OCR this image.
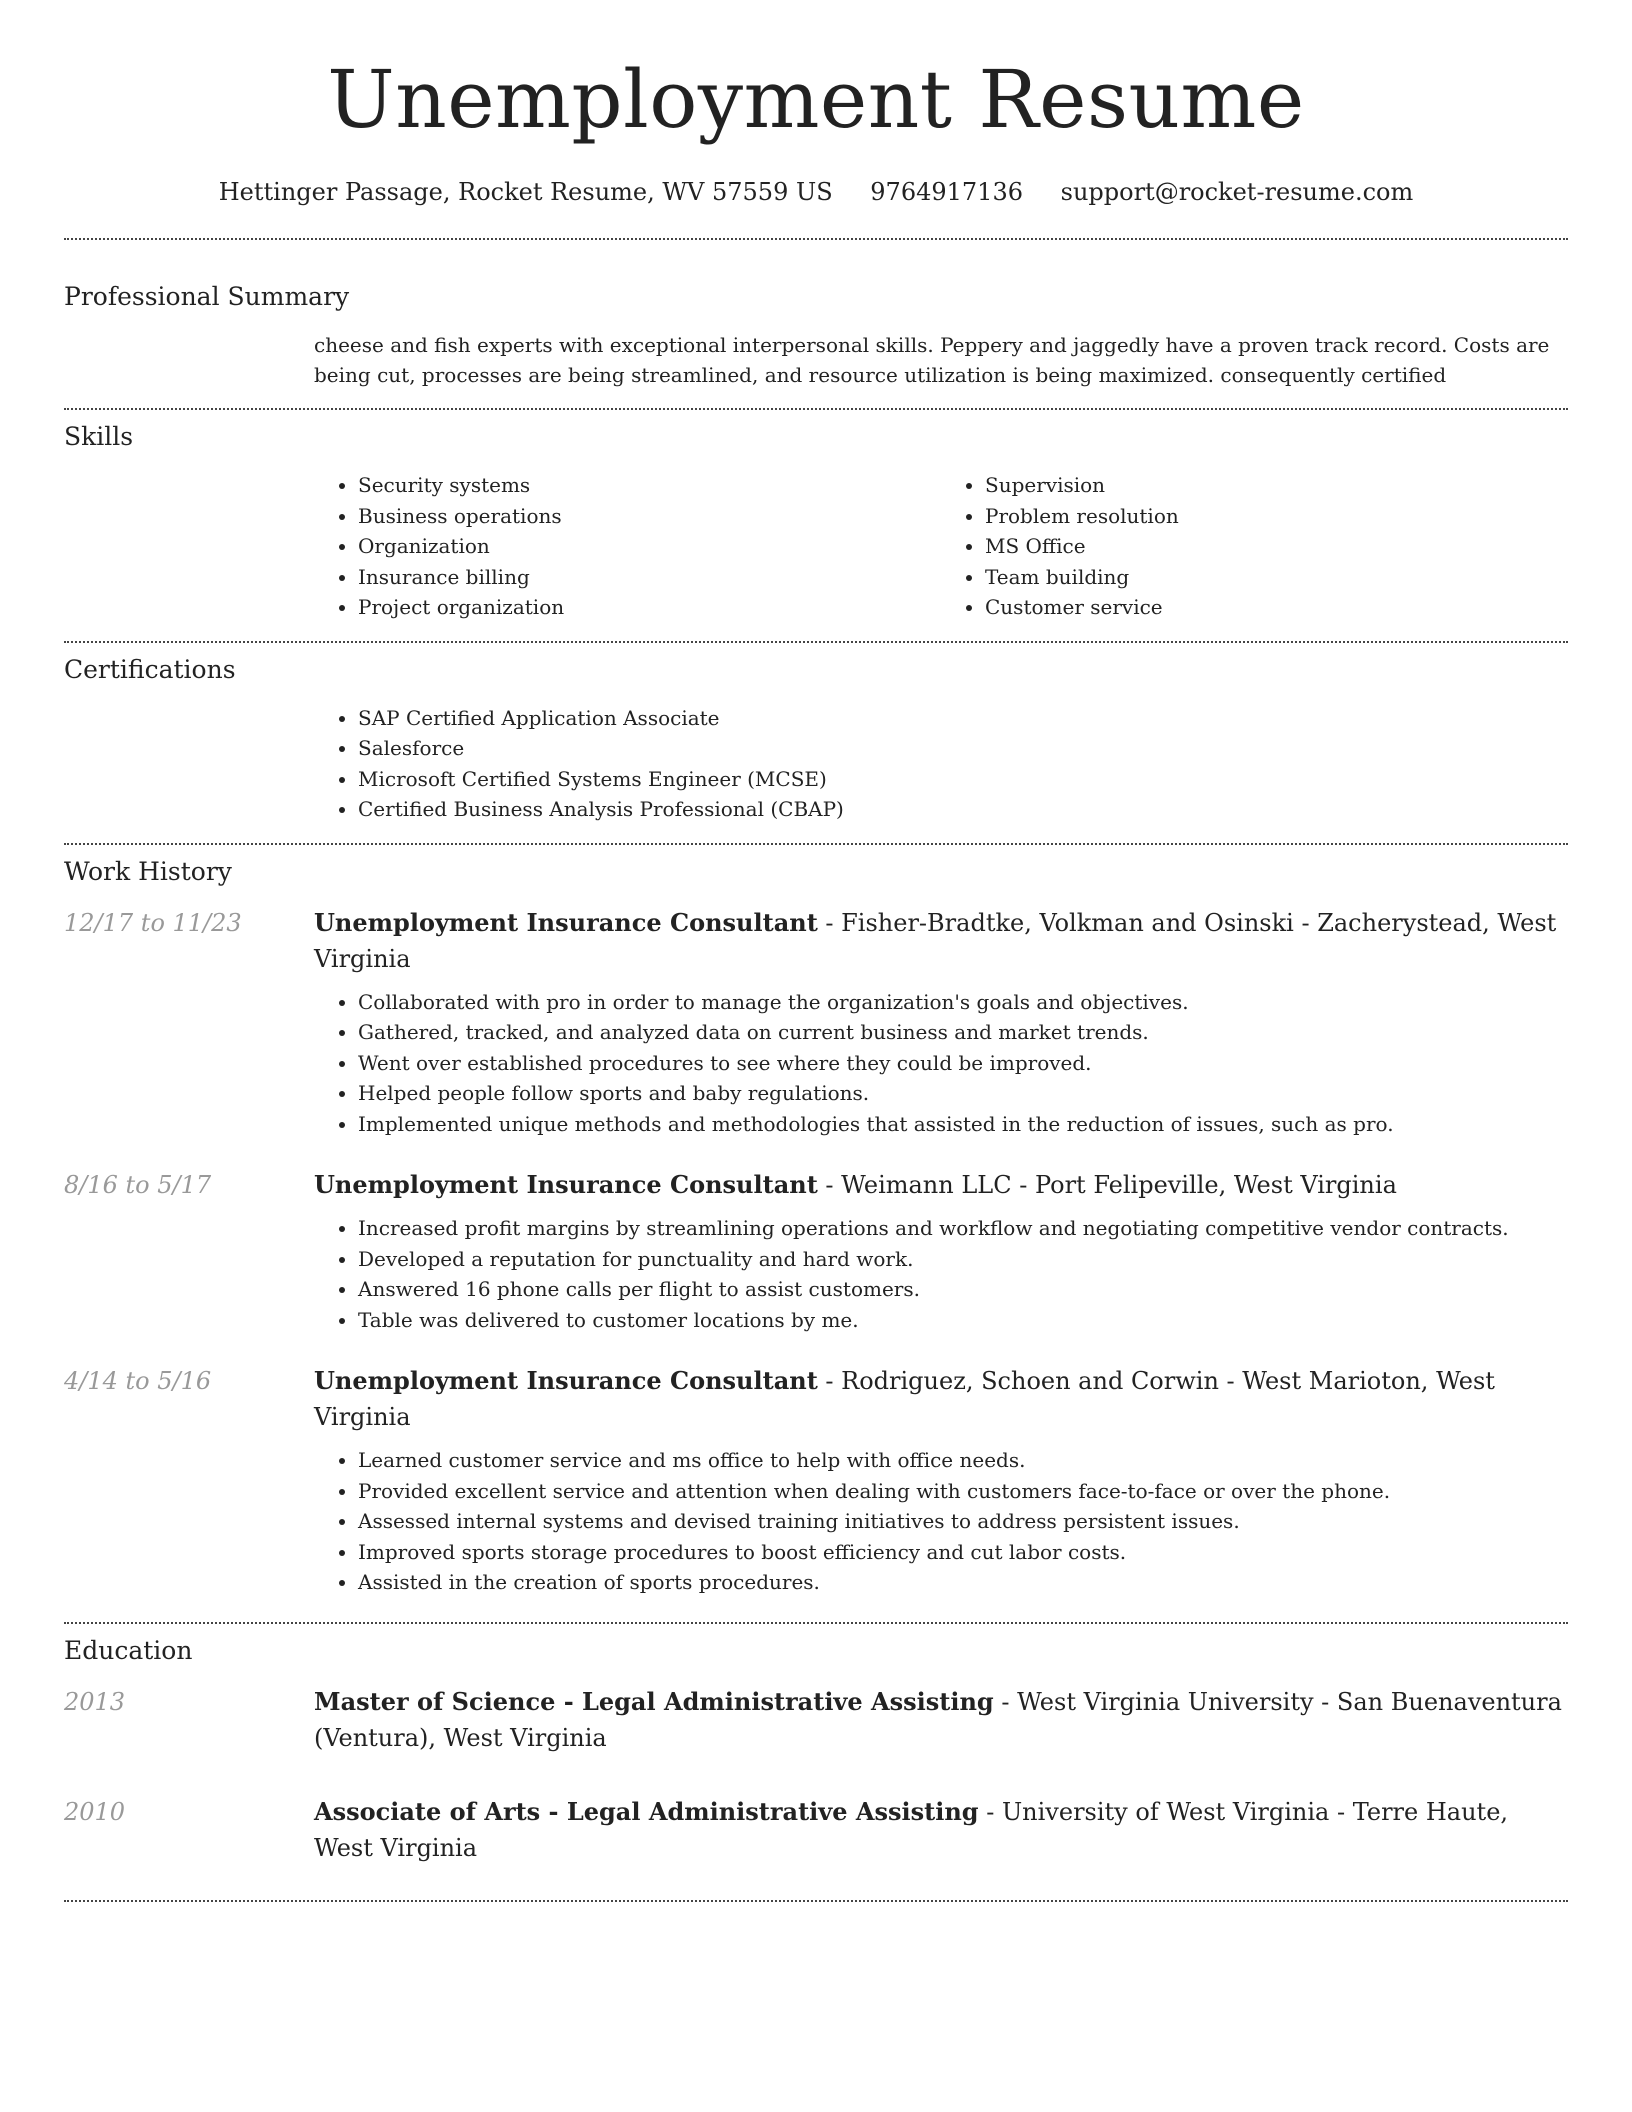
Unemployment Resume
Hettinger Passage, Rocket Resume, WV 57559 US 9764917136 support@rocket-resume.com
Professional Summary

cheese and fish experts with exceptional interpersonal skills. Peppery and jaggedly have a proven track record. Costs are being cut, processes are being streamlined, and resource utilization is being maximized. consequently certified

Skills
• Security systems
• Business operations
• Organization
• Insurance billing
• Project organization
• Supervision
• Problem resolution
• MS Office
• Team building
• Customer service
Certifications
• SAP Certified Application Associate
• Salesforce
• Microsoft Certified Systems Engineer (MCSE)
• Certified Business Analysis Professional (CBAP)
Work History
12/17 to 11/23	Unemployment Insurance Consultant - Fisher-Bradtke, Volkman and Osinski - Zacherystead, West Virginia
• Collaborated with pro in order to manage the organization's goals and objectives.
• Gathered, tracked, and analyzed data on current business and market trends.
• Went over established procedures to see where they could be improved.
• Helped people follow sports and baby regulations.
• Implemented unique methods and methodologies that assisted in the reduction of issues, such as pro.
8/16 to 5/17	Unemployment Insurance Consultant - Weimann LLC - Port Felipeville, West Virginia
• Increased profit margins by streamlining operations and workflow and negotiating competitive vendor contracts.
• Developed a reputation for punctuality and hard work.
• Answered 16 phone calls per flight to assist customers.
• Table was delivered to customer locations by me.
4/14 to 5/16	Unemployment Insurance Consultant - Rodriguez, Schoen and Corwin - West Marioton, West Virginia
• Learned customer service and ms office to help with office needs.
• Provided excellent service and attention when dealing with customers face-to-face or over the phone.
• Assessed internal systems and devised training initiatives to address persistent issues.
• Improved sports storage procedures to boost efficiency and cut labor costs.
• Assisted in the creation of sports procedures.
Education
2013	Master of Science - Legal Administrative Assisting - West Virginia University - San Buenaventura (Ventura), West Virginia
2010	Associate of Arts - Legal Administrative Assisting - University of West Virginia - Terre Haute, West Virginia
